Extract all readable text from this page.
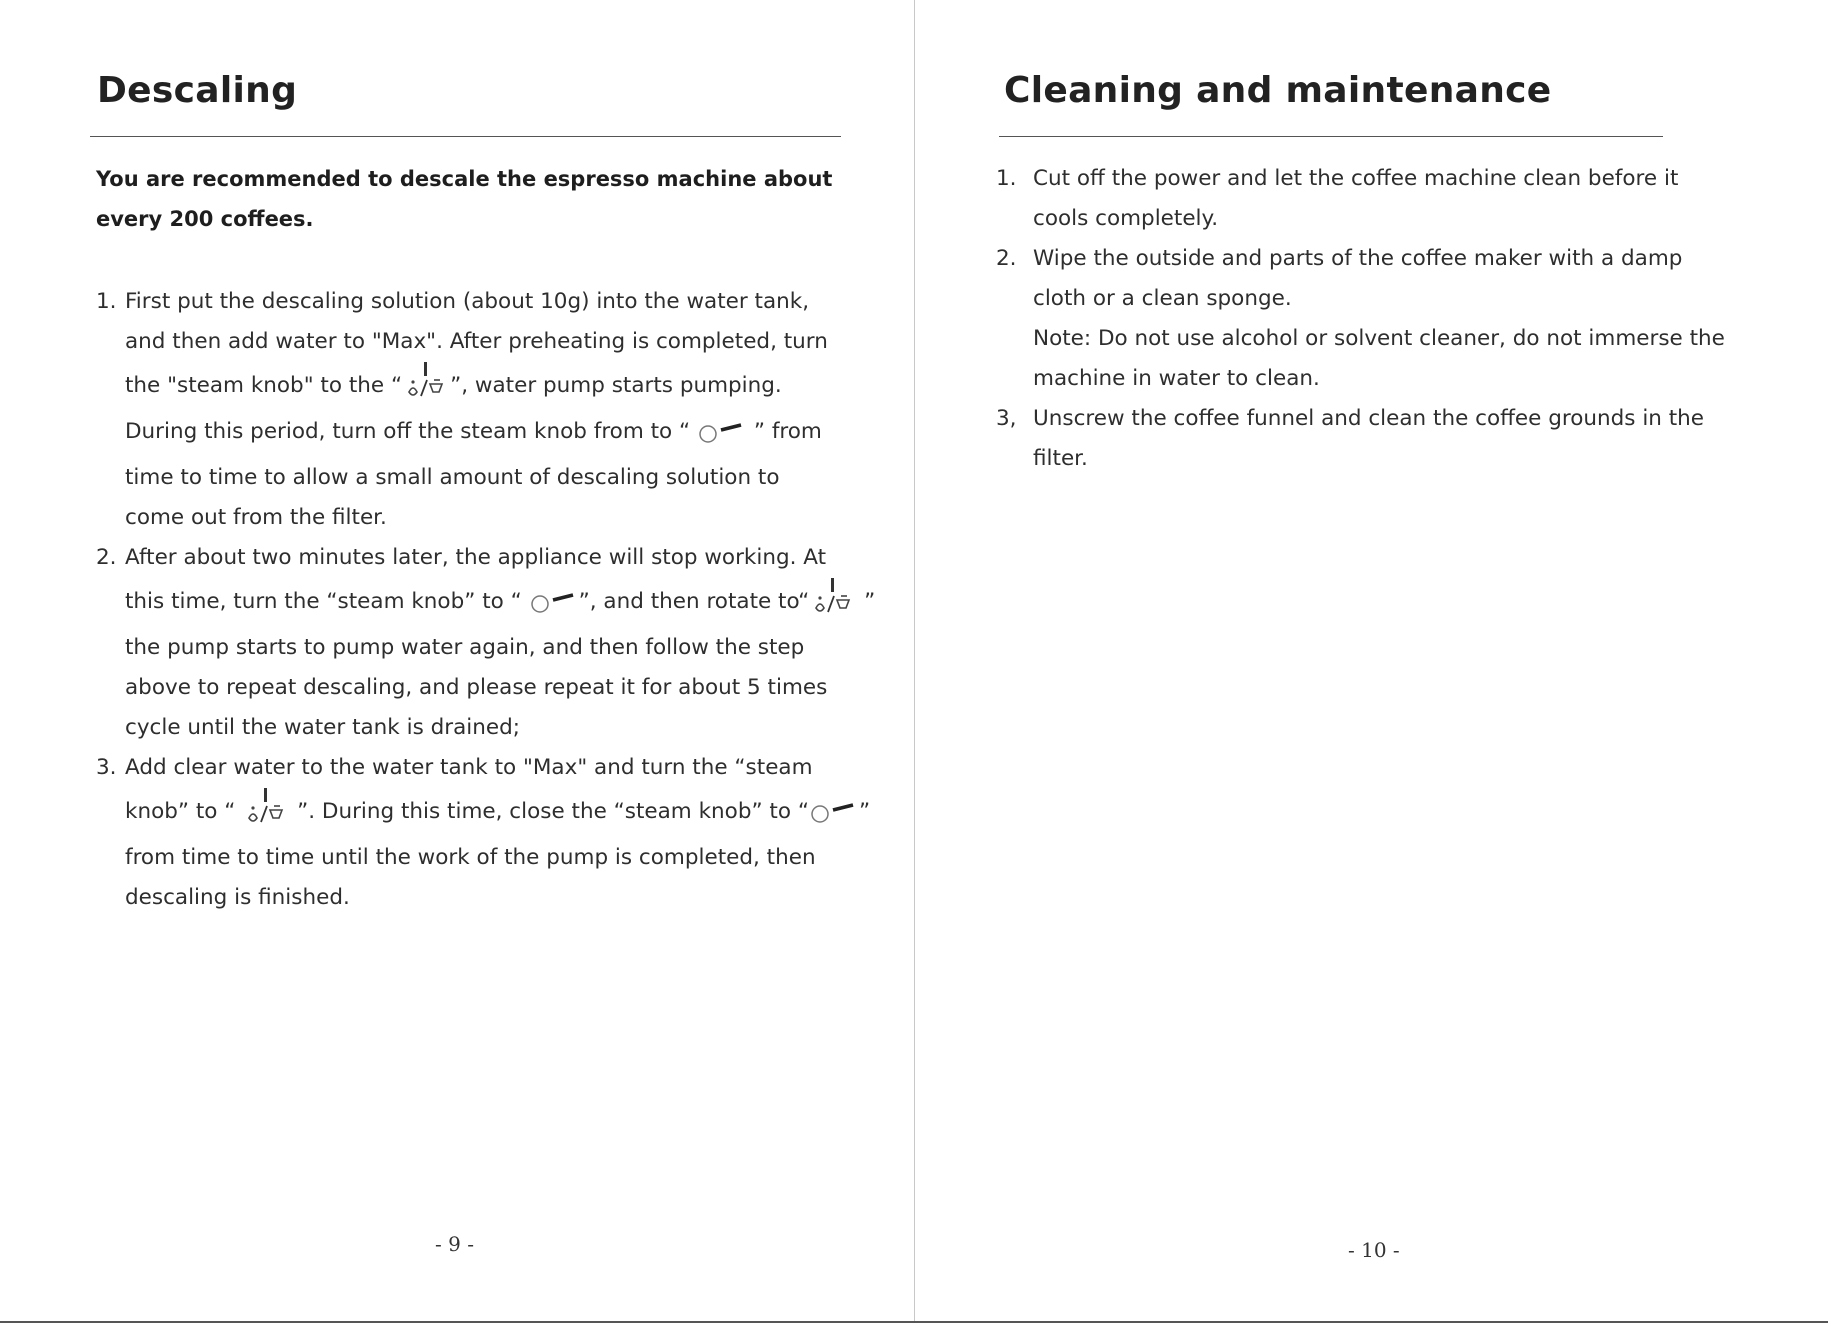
Descaling
You are recommended to descale the espresso machine about
every 200 coffees.
1. First put the descaling solution (about 10g) into the water tank,
and then add water to "Max". After preheating is completed, turn
the "steam knob" to the “ ”, water pump starts pumping.
During this period, turn off the steam knob from to “  ” from
time to time to allow a small amount of descaling solution to
come out from the filter.
2. After about two minutes later, the appliance will stop working. At
this time, turn the “steam knob” to “ ”, and then rotate to“ ”
the pump starts to pump water again, and then follow the step
above to repeat descaling, and please repeat it for about 5 times
cycle until the water tank is drained;
3. Add clear water to the water tank to "Max" and turn the “steam
knob” to “  ”. During this time, close the “steam knob” to “ ”
from time to time until the work of the pump is completed, then
descaling is finished.
- 9 -
Cleaning and maintenance
1. Cut off the power and let the coffee machine clean before it
cools completely.
2. Wipe the outside and parts of the coffee maker with a damp
cloth or a clean sponge.
Note: Do not use alcohol or solvent cleaner, do not immerse the
machine in water to clean.
3, Unscrew the coffee funnel and clean the coffee grounds in the
filter.
- 10 -
